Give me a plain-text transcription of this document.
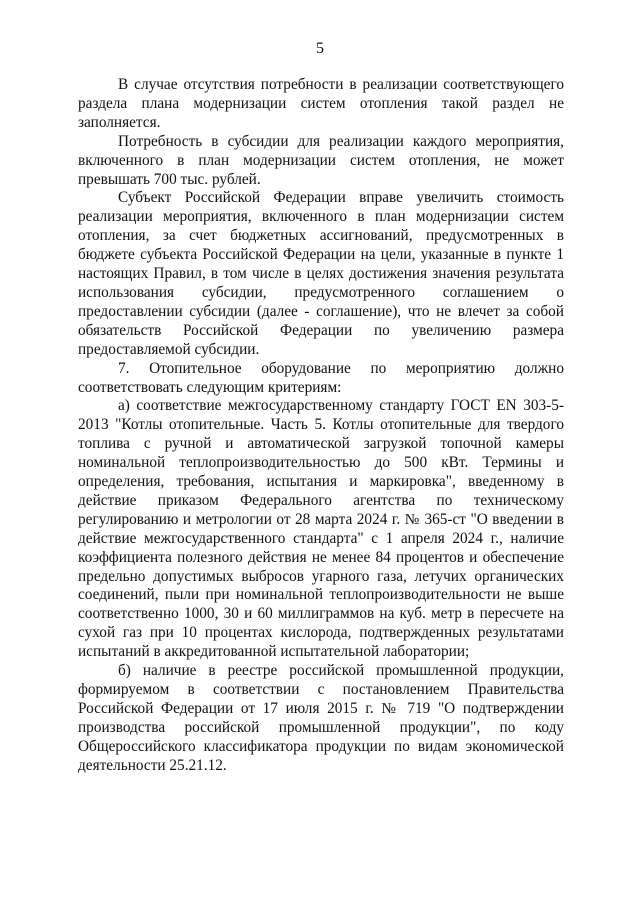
5

В случае отсутствия потребности в реализации соответствующего раздела плана модернизации систем отопления такой раздел не заполняется.

Потребность в субсидии для реализации каждого мероприятия, включенного в план модернизации систем отопления, не может превышать 700 тыс. рублей.

Субъект Российской Федерации вправе увеличить стоимость реализации мероприятия, включенного в план модернизации систем отопления, за счет бюджетных ассигнований, предусмотренных в бюджете субъекта Российской Федерации на цели, указанные в пункте 1 настоящих Правил, в том числе в целях достижения значения результата использования субсидии, предусмотренного соглашением о предоставлении субсидии (далее - соглашение), что не влечет за собой обязательств Российской Федерации по увеличению размера предоставляемой субсидии.

7. Отопительное оборудование по мероприятию должно соответствовать следующим критериям:

а) соответствие межгосударственному стандарту ГОСТ EN 303-5-2013 "Котлы отопительные. Часть 5. Котлы отопительные для твердого топлива с ручной и автоматической загрузкой топочной камеры номинальной теплопроизводительностью до 500 кВт. Термины и определения, требования, испытания и маркировка", введенному в действие приказом Федерального агентства по техническому регулированию и метрологии от 28 марта 2024 г. № 365-ст "О введении в действие межгосударственного стандарта" с 1 апреля 2024 г., наличие коэффициента полезного действия не менее 84 процентов и обеспечение предельно допустимых выбросов угарного газа, летучих органических соединений, пыли при номинальной теплопроизводительности не выше соответственно 1000, 30 и 60 миллиграммов на куб. метр в пересчете на сухой газ при 10 процентах кислорода, подтвержденных результатами испытаний в аккредитованной испытательной лаборатории;

б) наличие в реестре российской промышленной продукции, формируемом в соответствии с постановлением Правительства Российской Федерации от 17 июля 2015 г. № 719 "О подтверждении производства российской промышленной продукции", по коду Общероссийского классификатора продукции по видам экономической деятельности 25.21.12.
